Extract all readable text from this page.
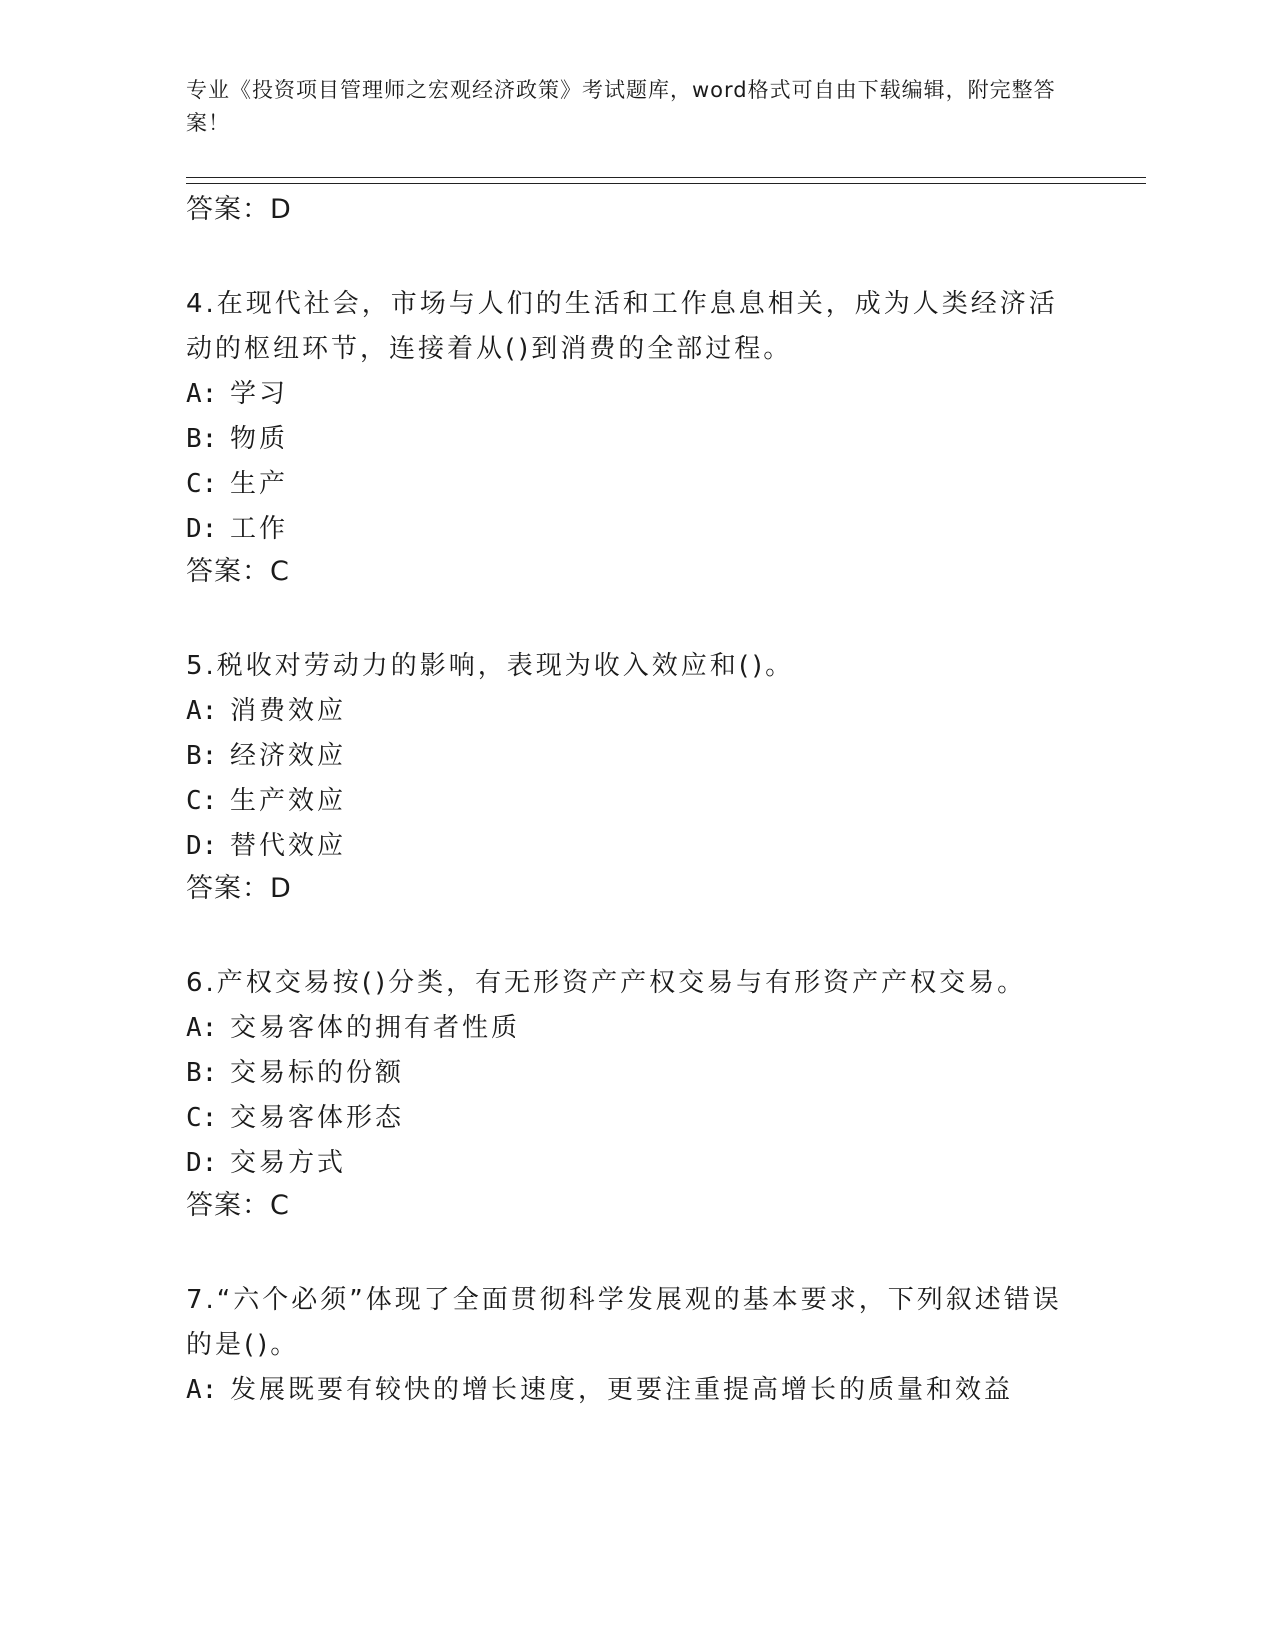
专业《投资项目管理师之宏观经济政策》考试题库，word格式可自由下载编辑，附完整答案！
答案：D

4.在现代社会，市场与人们的生活和工作息息相关，成为人类经济活动的枢纽环节，连接着从()到消费的全部过程。

A: 学习

B: 物质

C: 生产

D: 工作

答案：C

5.税收对劳动力的影响，表现为收入效应和()。

A: 消费效应

B: 经济效应

C: 生产效应

D: 替代效应

答案：D

6.产权交易按()分类，有无形资产产权交易与有形资产产权交易。

A: 交易客体的拥有者性质

B: 交易标的份额

C: 交易客体形态

D: 交易方式

答案：C

7.“六个必须”体现了全面贯彻科学发展观的基本要求，下列叙述错误的是()。

A: 发展既要有较快的增长速度，更要注重提高增长的质量和效益
